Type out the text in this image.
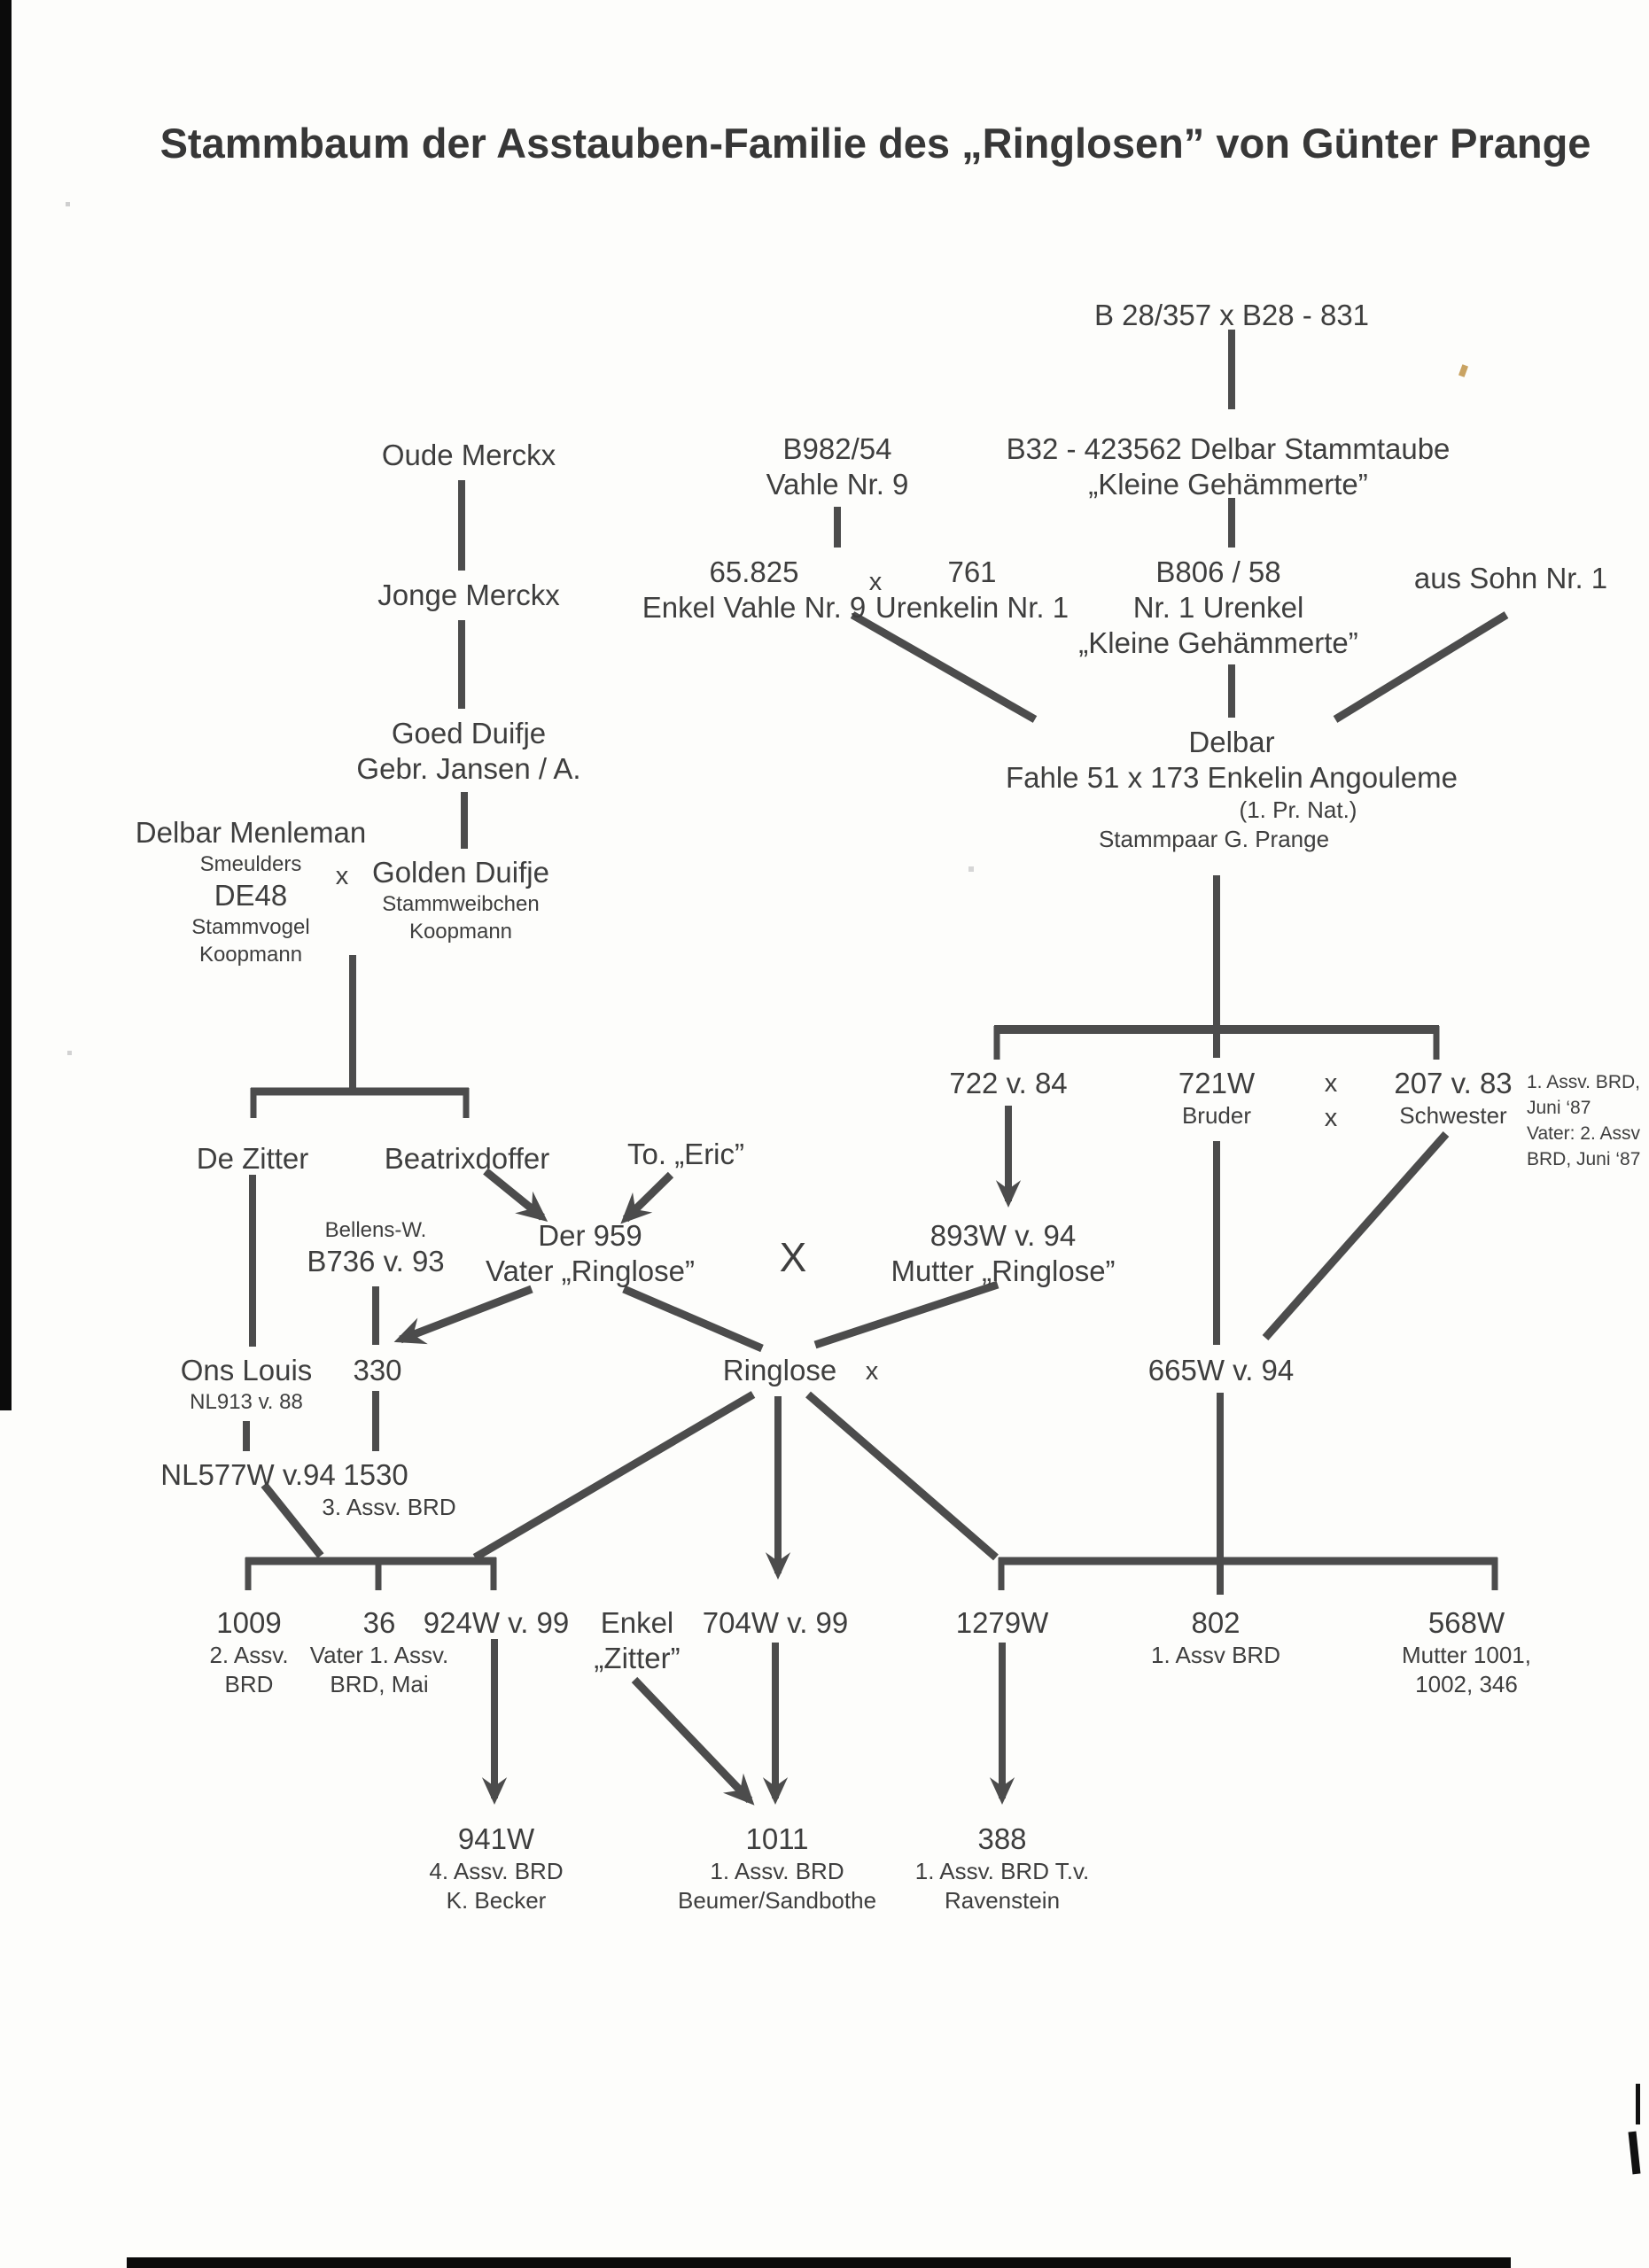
Stammbaum der Asstauben-Familie des „Ringlosen” von Günter Prange
B 28/357 x B28 - 831
B982/54
Vahle Nr. 9
B32 - 423562 Delbar Stammtaube
„Kleine Gehämmerte”
Oude Merckx
Jonge Merckx
65.825
Enkel Vahle Nr. 9
x	761
Urenkelin Nr. 1
B806 / 58
Nr. 1 Urenkel
„Kleine Gehämmerte”
aus Sohn Nr. 1
Goed Duifje
Gebr. Jansen / A.
Delbar
Fahle 51 x 173 Enkelin Angouleme
(1. Pr. Nat.)
Stammpaar G. Prange
Delbar Menleman
Smeulders
DE48
Stammvogel
Koopmann
x Golden Duifje
Stammweibchen
Koopmann
722 v. 84	721W
Bruder
x
x
207 v. 83
Schwester
1. Assv. BRD,
Juni ‘87
Vater: 2. Assv
BRD, Juni ‘87
De Zitter	Beatrixdoffer	To. „Eric”
Bellens-W.
B736 v. 93
Der 959
Vater „Ringlose” X	893W v. 94
Mutter „Ringlose”
Ons Louis
NL913 v. 88
330	Ringlose x	665W v. 94
NL577W v.94 1530
3. Assv. BRD
1009
2. Assv.
BRD
36
Vater 1. Assv.
BRD, Mai
924W v. 99 Enkel
„Zitter”
704W v. 99	1279W	802
1. Assv BRD
568W
Mutter 1001,
1002, 346
941W
4. Assv. BRD
K. Becker
1011
1. Assv. BRD
Beumer/Sandbothe
388
1. Assv. BRD T.v.
Ravenstein
